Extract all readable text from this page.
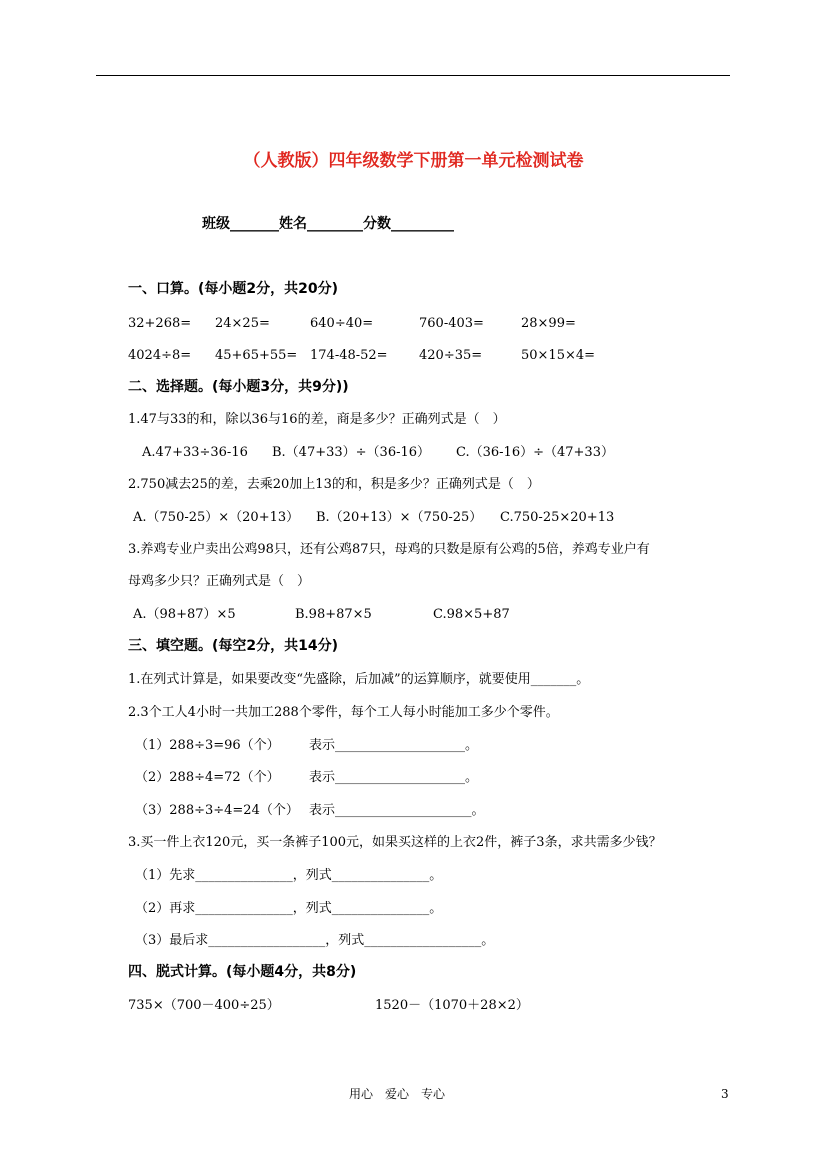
（人教版）四年级数学下册第一单元检测试卷
班级_______姓名________分数_________
一、口算。(每小题2分，共20分)
32+268= 24×25=	640÷40=	760-403=	28×99=
4024÷8= 45+65+55= 174-48-52= 420÷35=	50×15×4=
二、选择题。(每小题3分，共9分))
1.47与33的和，除以36与16的差，商是多少？正确列式是（　）
A.47+33÷36-16 B.（47+33）÷（36-16） C.（36-16）÷（47+33）
2.750减去25的差，去乘20加上13的和，积是多少？正确列式是（　）
A.（750-25）×（20+13） B.（20+13）×（750-25） C.750-25×20+13
3.养鸡专业户卖出公鸡98只，还有公鸡87只，母鸡的只数是原有公鸡的5倍，养鸡专业户有
母鸡多少只？正确列式是（　）
A.（98+87）×5	B.98+87×5	C.98×5+87
三、填空题。(每空2分，共14分)
1.在列式计算是，如果要改变“先盛除，后加减”的运算顺序，就要使用_______。
2.3个工人4小时一共加工288个零件，每个工人每小时能加工多少个零件。
（1）288÷3=96（个） 表示____________________。
（2）288÷4=72（个） 表示____________________。
（3）288÷3÷4=24（个） 表示_____________________。
3.买一件上衣120元，买一条裤子100元，如果买这样的上衣2件，裤子3条，求共需多少钱？
（1）先求_______________，列式_______________。
（2）再求_______________，列式_______________。
（3）最后求__________________，列式__________________。
四、脱式计算。(每小题4分，共8分)
735×（700－400÷25）	1520－（1070＋28×2）
用心　爱心　专心	3
